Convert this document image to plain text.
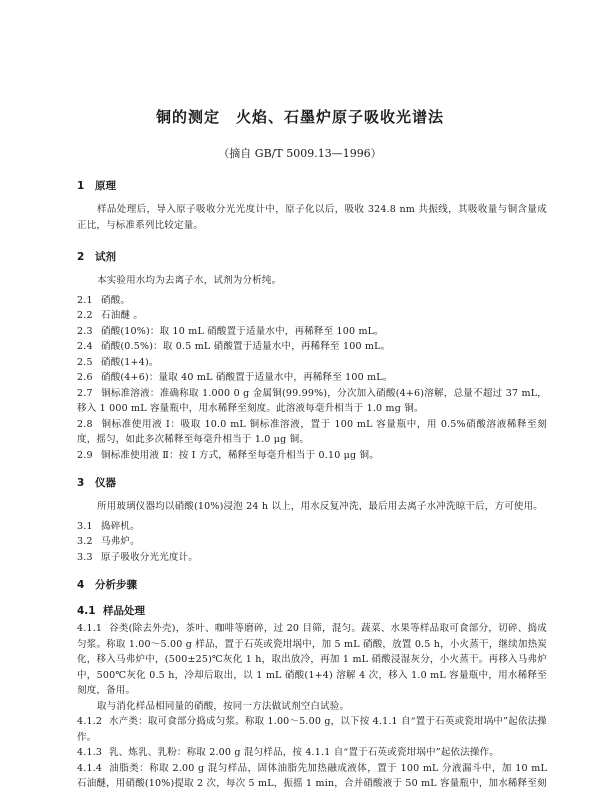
铜的测定　火焰、石墨炉原子吸收光谱法
（摘自 GB/T 5009.13—1996）
1 原理

样品处理后，导入原子吸收分光光度计中，原子化以后，吸收 324.8 nm 共振线，其吸收量与铜含量成正比，与标准系列比较定量。

2 试剂

本实验用水均为去离子水，试剂为分析纯。

2.1 硝酸。

2.2 石油醚 。

2.3 硝酸(10%)：取 10 mL 硝酸置于适量水中，再稀释至 100 mL。

2.4 硝酸(0.5%)：取 0.5 mL 硝酸置于适量水中，再稀释至 100 mL。

2.5 硝酸(1+4)。

2.6 硝酸(4+6)：量取 40 mL 硝酸置于适量水中，再稀释至 100 mL。

2.7 铜标准溶液：准确称取 1.000 0 g 金属铜(99.99%)，分次加入硝酸(4+6)溶解，总量不超过 37 mL，移入 1 000 mL 容量瓶中，用水稀释至刻度。此溶液每毫升相当于 1.0 mg 铜。

2.8 铜标准使用液 I：吸取 10.0 mL 铜标准溶液，置于 100 mL 容量瓶中，用 0.5%硝酸溶液稀释至刻度，摇匀，如此多次稀释至每毫升相当于 1.0 μg 铜。

2.9 铜标准使用液 Ⅱ：按 I 方式，稀释至每毫升相当于 0.10 μg 铜。

3 仪器

所用玻璃仪器均以硝酸(10%)浸泡 24 h 以上，用水反复冲洗，最后用去离子水冲洗晾干后，方可使用。

3.1 捣碎机。

3.2 马弗炉。

3.3 原子吸收分光光度计。

4 分析步骤
4.1 样品处理

4.1.1 谷类(除去外壳)，茶叶、咖啡等磨碎，过 20 目筛，混匀。蔬菜、水果等样品取可食部分，切碎、捣成匀浆。称取 1.00～5.00 g 样品，置于石英或瓷坩埚中，加 5 mL 硝酸，放置 0.5 h，小火蒸干，继续加热炭化，移入马弗炉中，(500±25)℃灰化 1 h，取出放冷，再加 1 mL 硝酸浸湿灰分，小火蒸干。再移入马弗炉中，500℃灰化 0.5 h，冷却后取出，以 1 mL 硝酸(1+4) 溶解 4 次，移入 1.0 mL 容量瓶中，用水稀释至刻度，备用。

取与消化样品相同量的硝酸，按同一方法做试剂空白试验。

4.1.2 水产类：取可食部分捣成匀浆。称取 1.00～5.00 g，以下按 4.1.1 自“置于石英或瓷坩埚中”起依法操作。

4.1.3 乳、炼乳、乳粉：称取 2.00 g 混匀样品，按 4.1.1 自“置于石英或瓷坩埚中”起依法操作。

4.1.4 油脂类：称取 2.00 g 混匀样品，固体油脂先加热融成液体，置于 100 mL 分液漏斗中，加 10 mL 石油醚，用硝酸(10%)提取 2 次，每次 5 mL，振摇 1 min，合并硝酸液于 50 mL 容量瓶中，加水稀释至刻
